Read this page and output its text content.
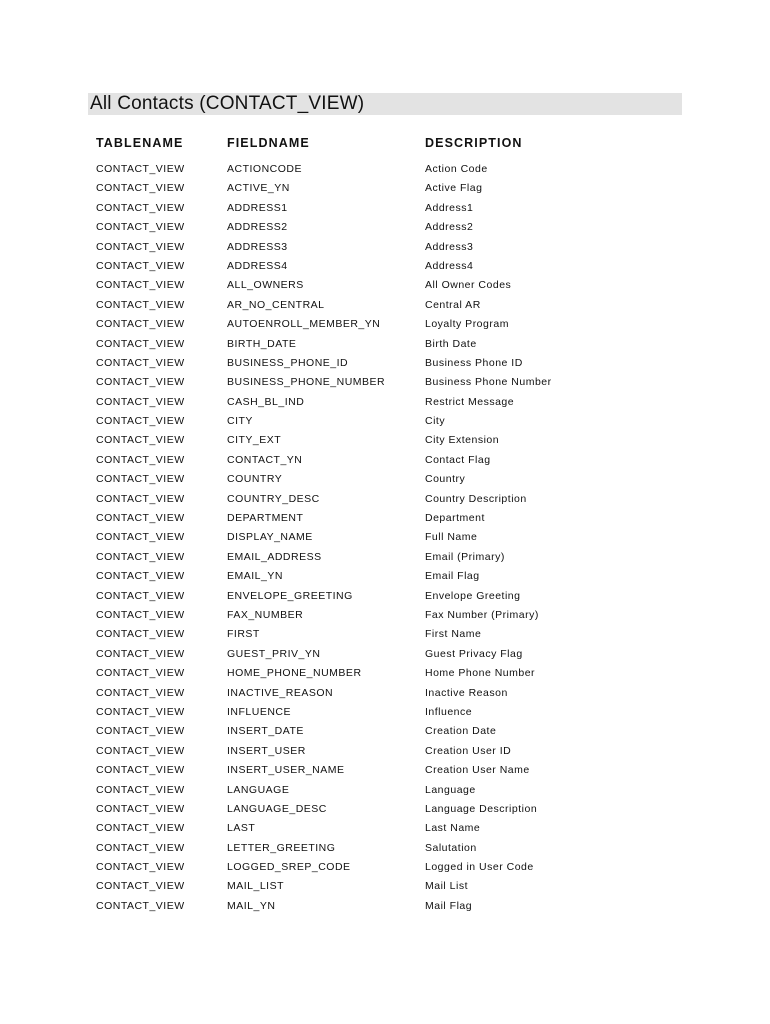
All Contacts (CONTACT_VIEW)
TABLENAME	FIELDNAME	DESCRIPTION
CONTACT_VIEW	ACTIONCODE	Action Code
CONTACT_VIEW	ACTIVE_YN	Active Flag
CONTACT_VIEW	ADDRESS1	Address1
CONTACT_VIEW	ADDRESS2	Address2
CONTACT_VIEW	ADDRESS3	Address3
CONTACT_VIEW	ADDRESS4	Address4
CONTACT_VIEW	ALL_OWNERS	All Owner Codes
CONTACT_VIEW	AR_NO_CENTRAL	Central AR
CONTACT_VIEW	AUTOENROLL_MEMBER_YN	Loyalty Program
CONTACT_VIEW	BIRTH_DATE	Birth Date
CONTACT_VIEW	BUSINESS_PHONE_ID	Business Phone ID
CONTACT_VIEW	BUSINESS_PHONE_NUMBER	Business Phone Number
CONTACT_VIEW	CASH_BL_IND	Restrict Message
CONTACT_VIEW	CITY	City
CONTACT_VIEW	CITY_EXT	City Extension
CONTACT_VIEW	CONTACT_YN	Contact Flag
CONTACT_VIEW	COUNTRY	Country
CONTACT_VIEW	COUNTRY_DESC	Country Description
CONTACT_VIEW	DEPARTMENT	Department
CONTACT_VIEW	DISPLAY_NAME	Full Name
CONTACT_VIEW	EMAIL_ADDRESS	Email (Primary)
CONTACT_VIEW	EMAIL_YN	Email Flag
CONTACT_VIEW	ENVELOPE_GREETING	Envelope Greeting
CONTACT_VIEW	FAX_NUMBER	Fax Number (Primary)
CONTACT_VIEW	FIRST	First Name
CONTACT_VIEW	GUEST_PRIV_YN	Guest Privacy Flag
CONTACT_VIEW	HOME_PHONE_NUMBER	Home Phone Number
CONTACT_VIEW	INACTIVE_REASON	Inactive Reason
CONTACT_VIEW	INFLUENCE	Influence
CONTACT_VIEW	INSERT_DATE	Creation Date
CONTACT_VIEW	INSERT_USER	Creation User ID
CONTACT_VIEW	INSERT_USER_NAME	Creation User Name
CONTACT_VIEW	LANGUAGE	Language
CONTACT_VIEW	LANGUAGE_DESC	Language Description
CONTACT_VIEW	LAST	Last Name
CONTACT_VIEW	LETTER_GREETING	Salutation
CONTACT_VIEW	LOGGED_SREP_CODE	Logged in User Code
CONTACT_VIEW	MAIL_LIST	Mail List
CONTACT_VIEW	MAIL_YN	Mail Flag
